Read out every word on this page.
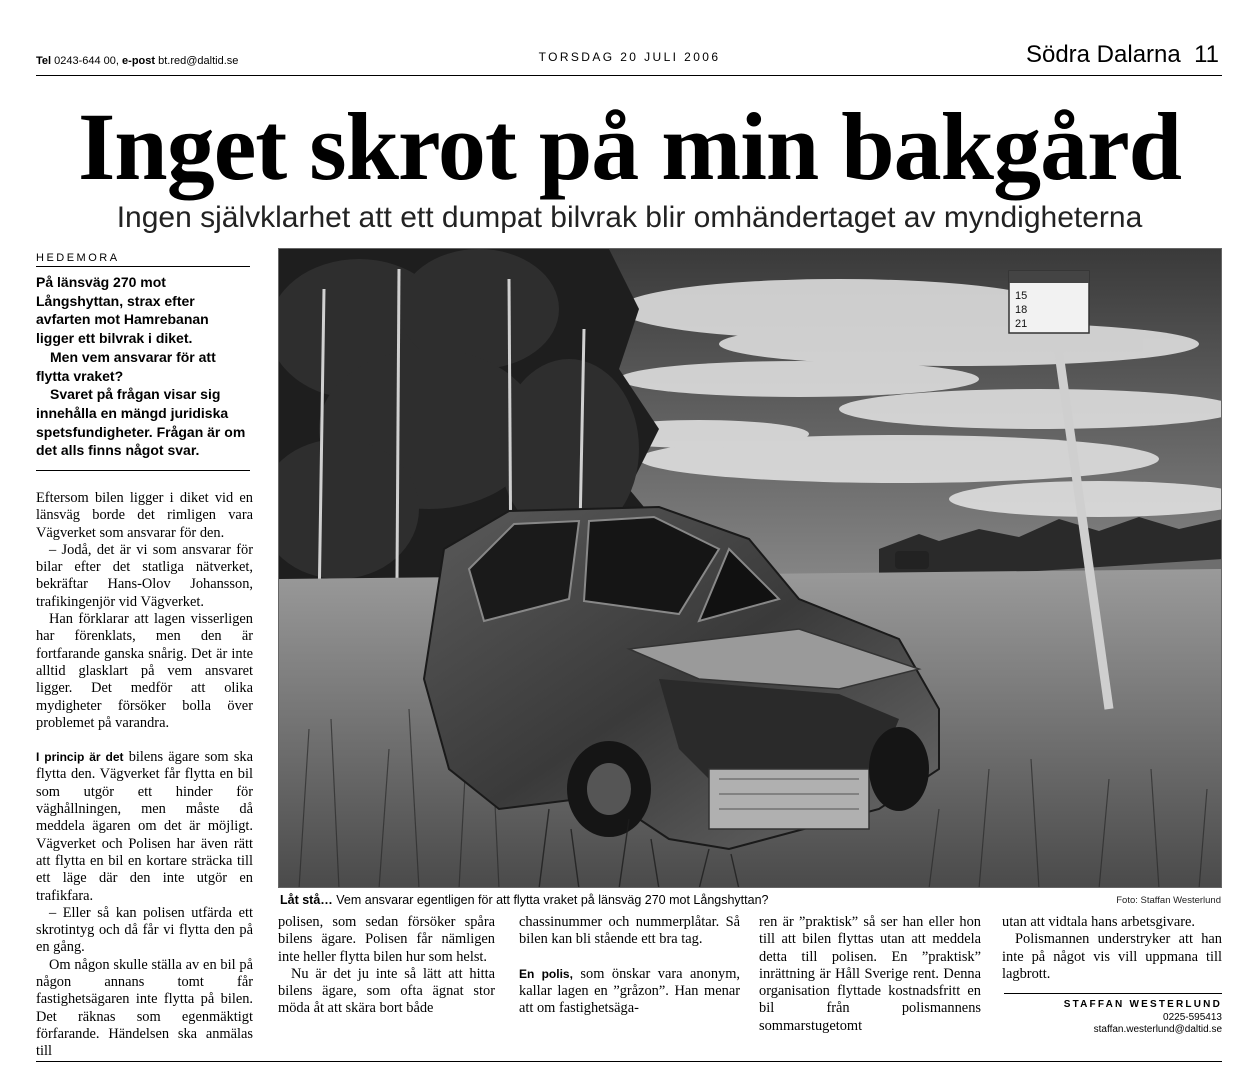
Tel 0243-644 00, e-post bt.red@daltid.se	TORSDAG 20 JULI 2006	Södra Dalarna 11
Inget skrot på min bakgård
Ingen självklarhet att ett dumpat bilvrak blir omhändertaget av myndigheterna
HEDEMORA

På länsväg 270 mot Långshyttan, strax efter avfarten mot Hamrebanan ligger ett bilvrak i diket.

Men vem ansvarar för att flytta vraket?

Svaret på frågan visar sig innehålla en mängd juridiska spetsfundigheter. Frågan är om det alls finns något svar.

Eftersom bilen ligger i diket vid en länsväg borde det rimligen vara Vägverket som ansvarar för den.

– Jodå, det är vi som ansvarar för bilar efter det statliga nätverket, bekräftar Hans-Olov Johansson, trafikingenjör vid Vägverket.

Han förklarar att lagen visserligen har förenklats, men den är fortfarande ganska snårig. Det är inte alltid glasklart på vem ansvaret ligger. Det medför att olika mydigheter försöker bolla över problemet på varandra.

I princip är det bilens ägare som ska flytta den. Vägverket får flytta en bil som utgör ett hinder för väghållningen, men måste då meddela ägaren om det är möjligt. Vägverket och Polisen har även rätt att flytta en bil en kortare sträcka till ett läge där den inte utgör en trafikfara.

– Eller så kan polisen utfärda ett skrotintyg och då får vi flytta den på en gång.

Om någon skulle ställa av en bil på någon annans tomt får fastighetsägaren inte flytta på bilen. Det räknas som egenmäktigt förfarande. Händelsen ska anmälas till

15
18
21
Låt stå… Vem ansvarar egentligen för att flytta vraket på länsväg 270 mot Långshyttan?	Foto: Staffan Westerlund

polisen, som sedan försöker spåra bilens ägare. Polisen får nämligen inte heller flytta bilen hur som helst.

Nu är det ju inte så lätt att hitta bilens ägare, som ofta ägnat stor möda åt att skära bort både

chassinummer och nummerplåtar. Så bilen kan bli stående ett bra tag.

En polis, som önskar vara anonym, kallar lagen en ”gråzon”. Han menar att om fastighetsäga-

ren är ”praktisk” så ser han eller hon till att bilen flyttas utan att meddela detta till polisen. En ”praktisk” inrättning är Håll Sverige rent. Denna organisation flyttade kostnadsfritt en bil från polismannens sommarstugetomt

utan att vidtala hans arbetsgivare.

Polismannen understryker att han inte på något vis vill uppmana till lagbrott.

STAFFAN WESTERLUND
0225-595413
staffan.westerlund@daltid.se
